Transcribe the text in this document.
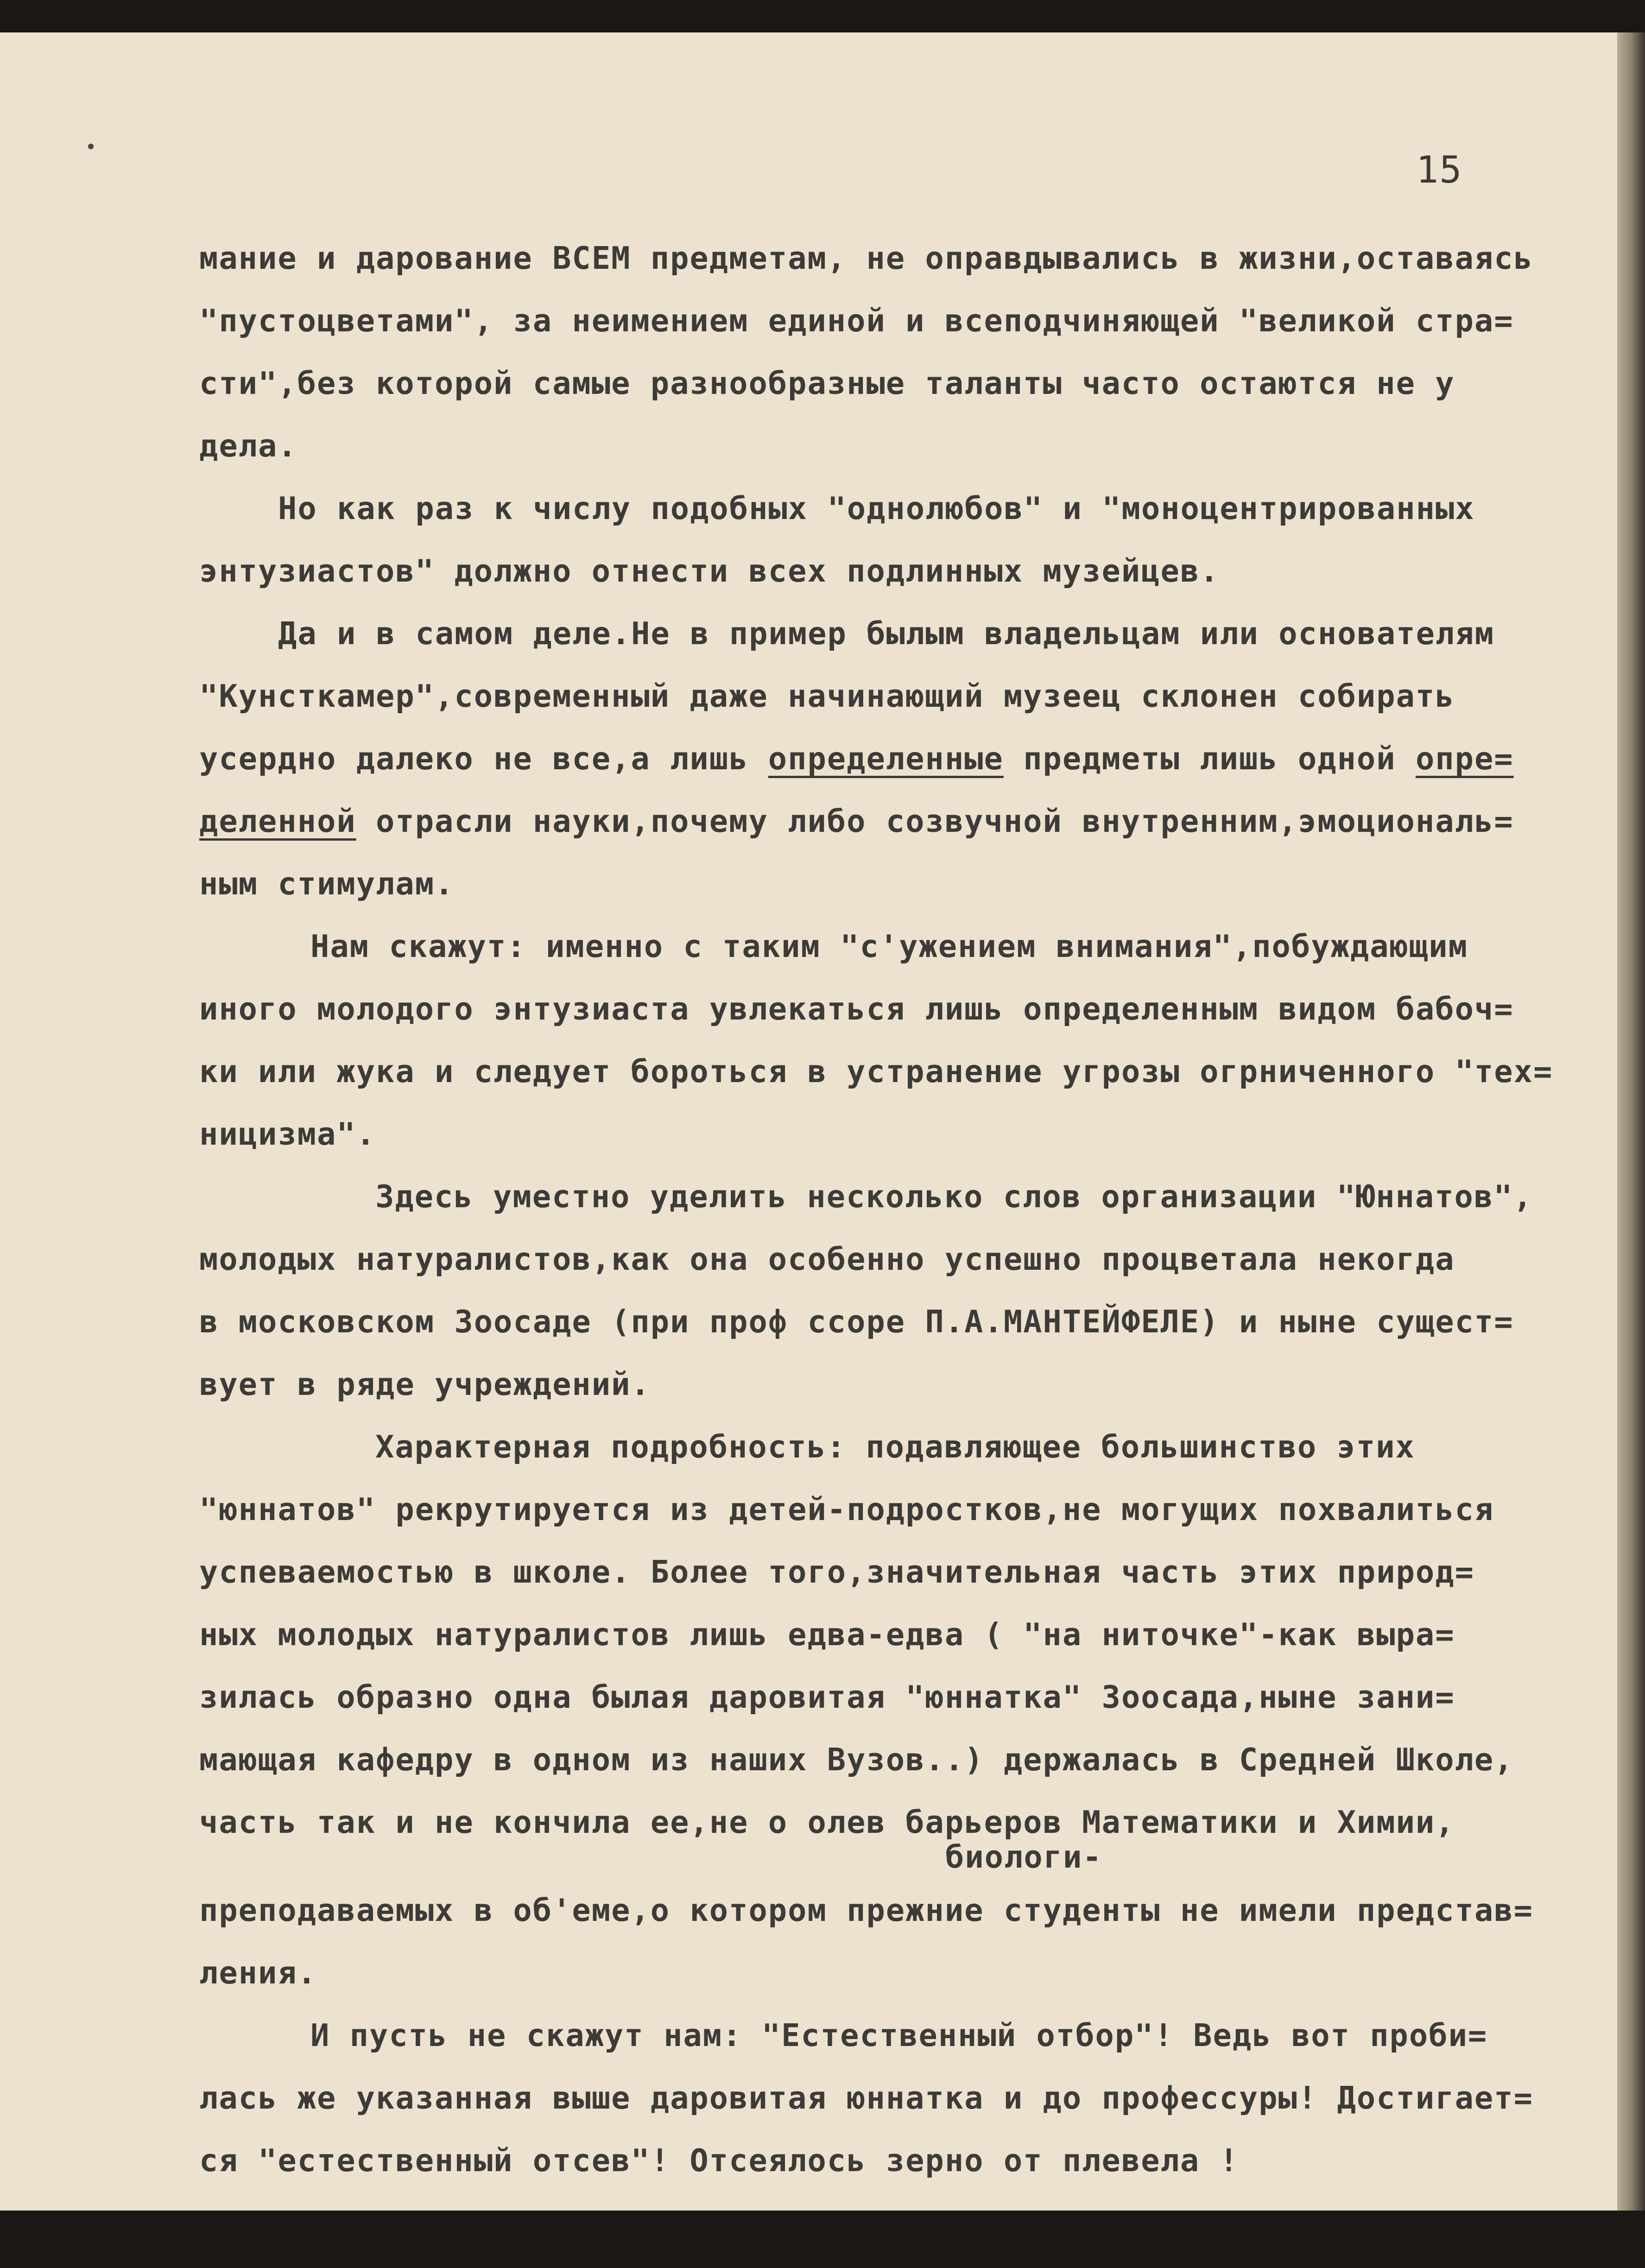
15
мание и дарование ВСЕМ предметам, не оправдывались в жизни,оставаясь
"пустоцветами", за неимением единой и всеподчиняющей "великой стра=
сти",без которой самые разнообразные таланты часто остаются не у
дела.
Но как раз к числу подобных "однолюбов" и "моноцентрированных
энтузиастов" должно отнести всех подлинных музейцев.
Да и в самом деле.Не в пример былым владельцам или основателям
"Кунсткамер",современный даже начинающий музеец склонен собирать
усердно далеко не все,а лишь определенные предметы лишь одной опре=
деленной отрасли науки,почему либо созвучной внутренним,эмоциональ=
ным стимулам.
Нам скажут: именно с таким "с'ужением внимания",побуждающим
иного молодого энтузиаста увлекаться лишь определенным видом бабоч=
ки или жука и следует бороться в устранение угрозы огрниченного "тех=
ницизма".
Здесь уместно уделить несколько слов организации "Юннатов",
молодых натуралистов,как она особенно успешно процветала некогда
в московском Зоосаде (при проф ссоре П.А.МАНТЕЙФЕЛЕ) и ныне сущест=
вует в ряде учреждений.
Характерная подробность: подавляющее большинство этих
"юннатов" рекрутируется из детей-подростков,не могущих похвалиться
успеваемостью в школе. Более того,значительная часть этих природ=
ных молодых натуралистов лишь едва-едва ( "на ниточке"-как выра=
зилась образно одна былая даровитая "юннатка" Зоосада,ныне зани=
мающая кафедру в одном из наших Вузов..) держалась в Средней Школе,
часть так и не кончила ее,не о олев барьеров Математики и Химии,
биологи-
преподаваемых в об'еме,о котором прежние студенты не имели представ=
ления.
И пусть не скажут нам: "Естественный отбор"! Ведь вот проби=
лась же указанная выше даровитая юннатка и до профессуры! Достигает=
ся "естественный отсев"! Отсеялось зерно от плевела !
